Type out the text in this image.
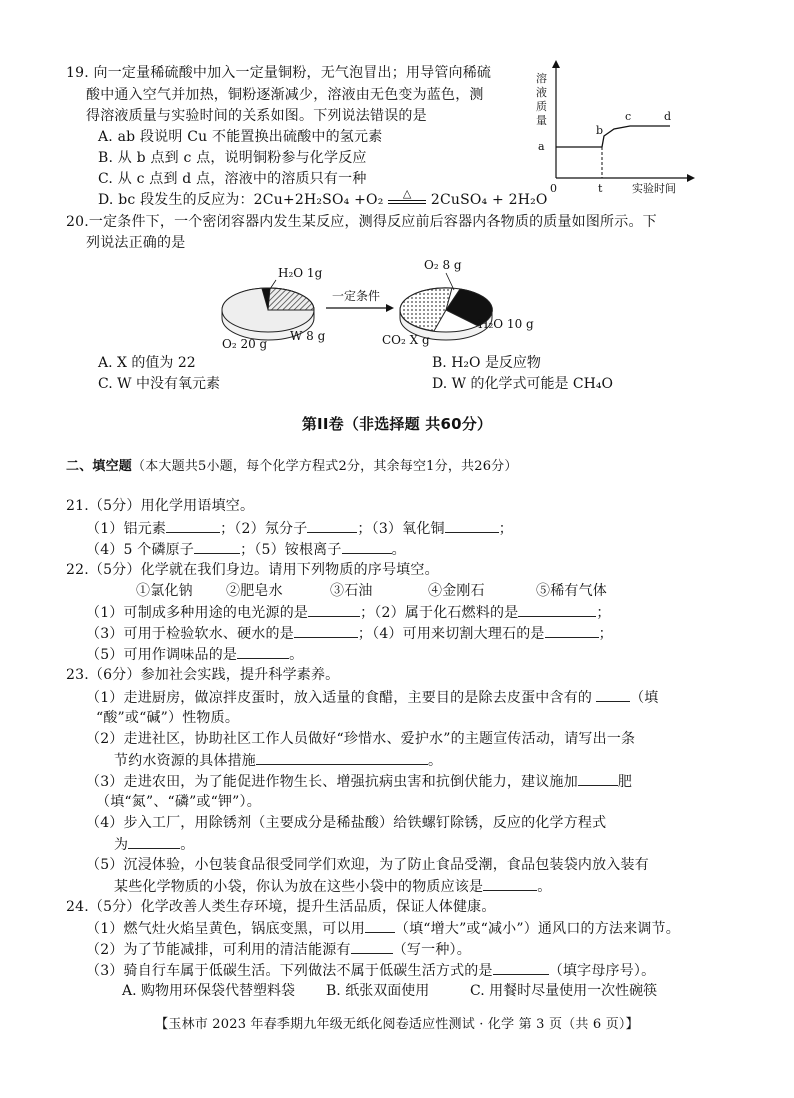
19. 向一定量稀硫酸中加入一定量铜粉，无气泡冒出；用导管向稀硫
酸中通入空气并加热，铜粉逐渐减少，溶液由无色变为蓝色，测
得溶液质量与实验时间的关系如图。下列说法错误的是
A. ab 段说明 Cu 不能置换出硫酸中的氢元素
B. 从 b 点到 c 点，说明铜粉参与化学反应
C. 从 c 点到 d 点，溶液中的溶质只有一种
D. bc 段发生的反应为：2Cu+2H₂SO₄ +O₂	△	2CuSO₄ + 2H₂O
溶
液
质
量
0	t	实验时间
a
b
c	d
20.一定条件下，一个密闭容器内发生某反应，测得反应前后容器内各物质的质量如图所示。下
列说法正确的是
H₂O 1g
O₂ 20 g
W 8 g
一定条件
O₂ 8 g
H₂O 10 g
CO₂ X g
A. X 的值为 22	B. H₂O 是反应物
C. W 中没有氧元素	D. W 的化学式可能是 CH₄O
第II卷（非选择题 共60分）
二、填空题（本大题共5小题，每个化学方程式2分，其余每空1分，共26分）
21.（5分）用化学用语填空。
（1）铝元素	；（2）氖分子	；（3）氧化铜	；
（4）5 个磷原子	；（5）铵根离子	。
22.（5分）化学就在我们身边。请用下列物质的序号填空。
①氯化钠 ②肥皂水	③石油	④金刚石	⑤稀有气体
（1）可制成多种用途的电光源的是	；（2）属于化石燃料的是	；
（3）可用于检验软水、硬水的是	；（4）可用来切割大理石的是	；
（5）可用作调味品的是	。
23.（6分）参加社会实践，提升科学素养。
（1）走进厨房，做凉拌皮蛋时，放入适量的食醋，主要目的是除去皮蛋中含有的	（填
“酸”或“碱”）性物质。
（2）走进社区，协助社区工作人员做好“珍惜水、爱护水”的主题宣传活动，请写出一条
节约水资源的具体措施	。
（3）走进农田，为了能促进作物生长、增强抗病虫害和抗倒伏能力，建议施加	肥
（填“氮”、“磷”或“钾”）。
（4）步入工厂，用除锈剂（主要成分是稀盐酸）给铁螺钉除锈，反应的化学方程式
为	。
（5）沉浸体验，小包装食品很受同学们欢迎，为了防止食品受潮，食品包装袋内放入装有
某些化学物质的小袋，你认为放在这些小袋中的物质应该是	。
24.（5分）化学改善人类生存环境，提升生活品质，保证人体健康。
（1）燃气灶火焰呈黄色，锅底变黑，可以用 （填“增大”或“减小”）通风口的方法来调节。
（2）为了节能减排，可利用的清洁能源有	（写一种）。
（3）骑自行车属于低碳生活。下列做法不属于低碳生活方式的是	（填字母序号）。
A. 购物用环保袋代替塑料袋 B. 纸张双面使用	C. 用餐时尽量使用一次性碗筷
【玉林市 2023 年春季期九年级无纸化阅卷适应性测试 · 化学 第 3 页（共 6 页）】
